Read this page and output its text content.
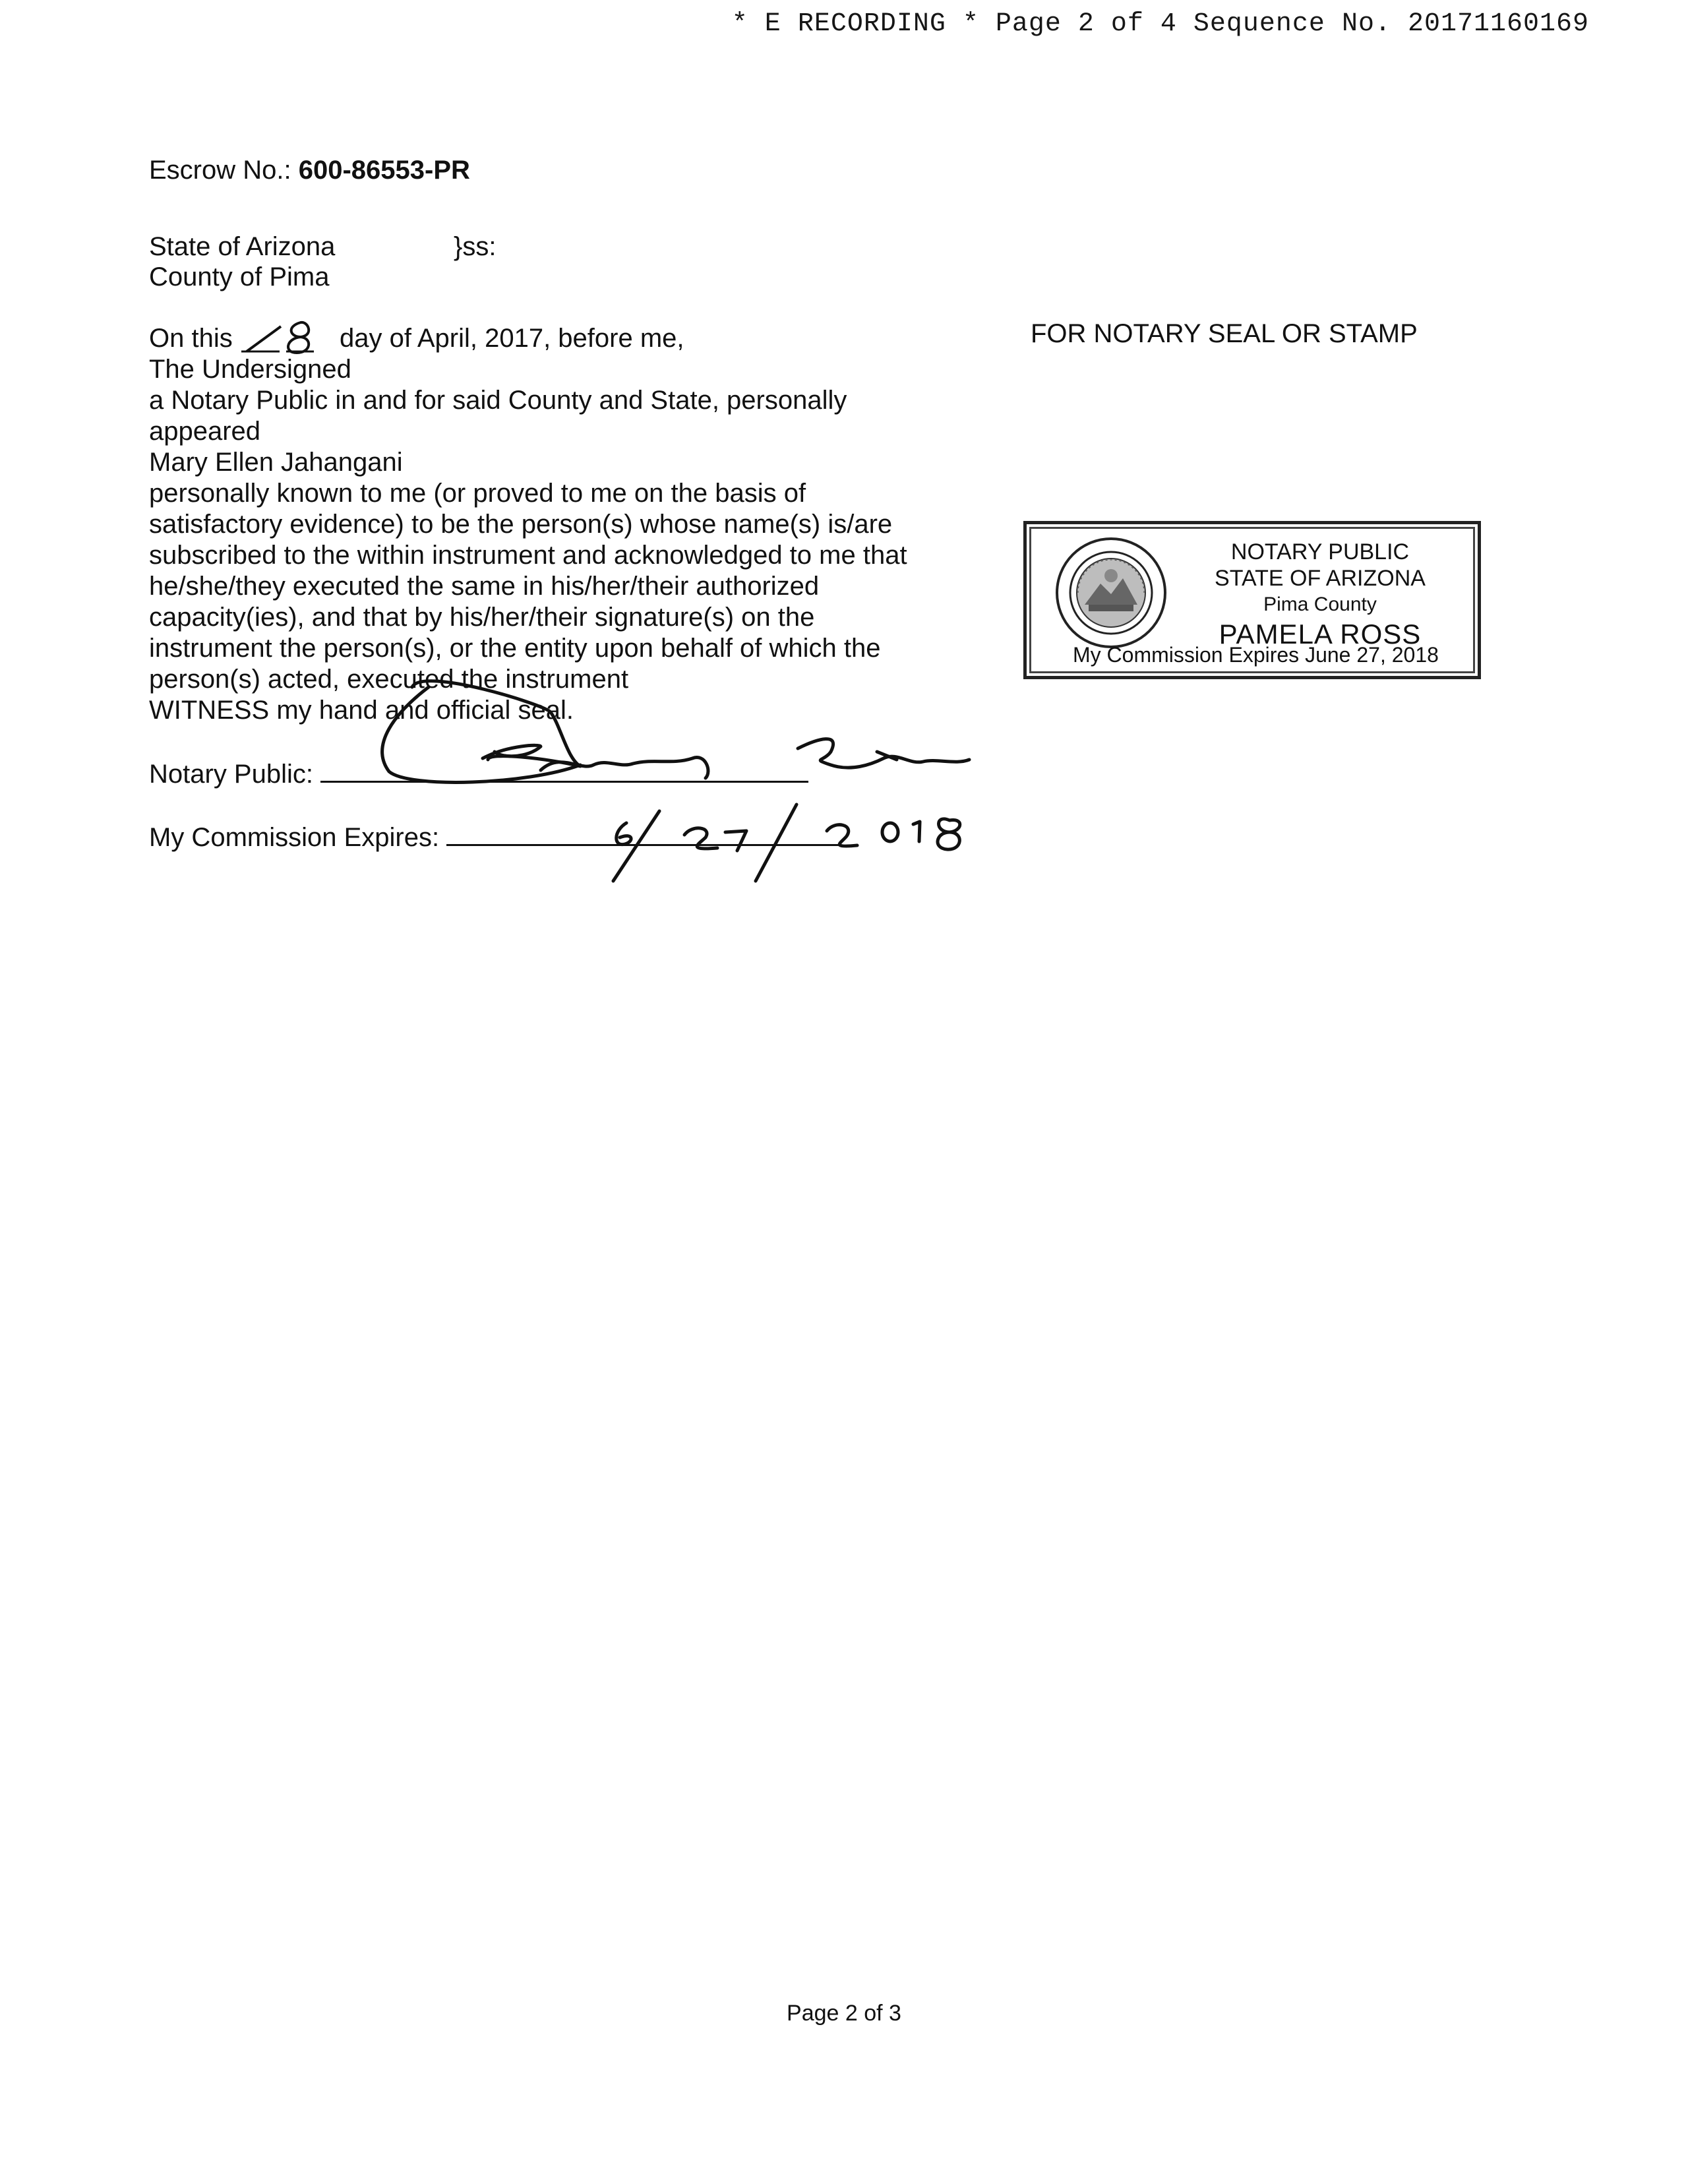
* E RECORDING * Page 2 of 4 Sequence No. 20171160169
Escrow No.: 600-86553-PR
State of Arizona	}ss:
County of Pima
FOR NOTARY SEAL OR STAMP
On this	day of April, 2017, before me,
The Undersigned
a Notary Public in and for said County and State, personally
appeared
Mary Ellen Jahangani
personally known to me (or proved to me on the basis of
satisfactory evidence) to be the person(s) whose name(s) is/are
subscribed to the within instrument and acknowledged to me that
he/she/they executed the same in his/her/their authorized
capacity(ies), and that by his/her/their signature(s) on the
instrument the person(s), or the entity upon behalf of which the
person(s) acted, executed the instrument
WITNESS my hand and official seal.
Notary Public:
My Commission Expires:
NOTARY PUBLIC
STATE OF ARIZONA
Pima County
PAMELA ROSS
My Commission Expires June 27, 2018
Page 2 of 3
